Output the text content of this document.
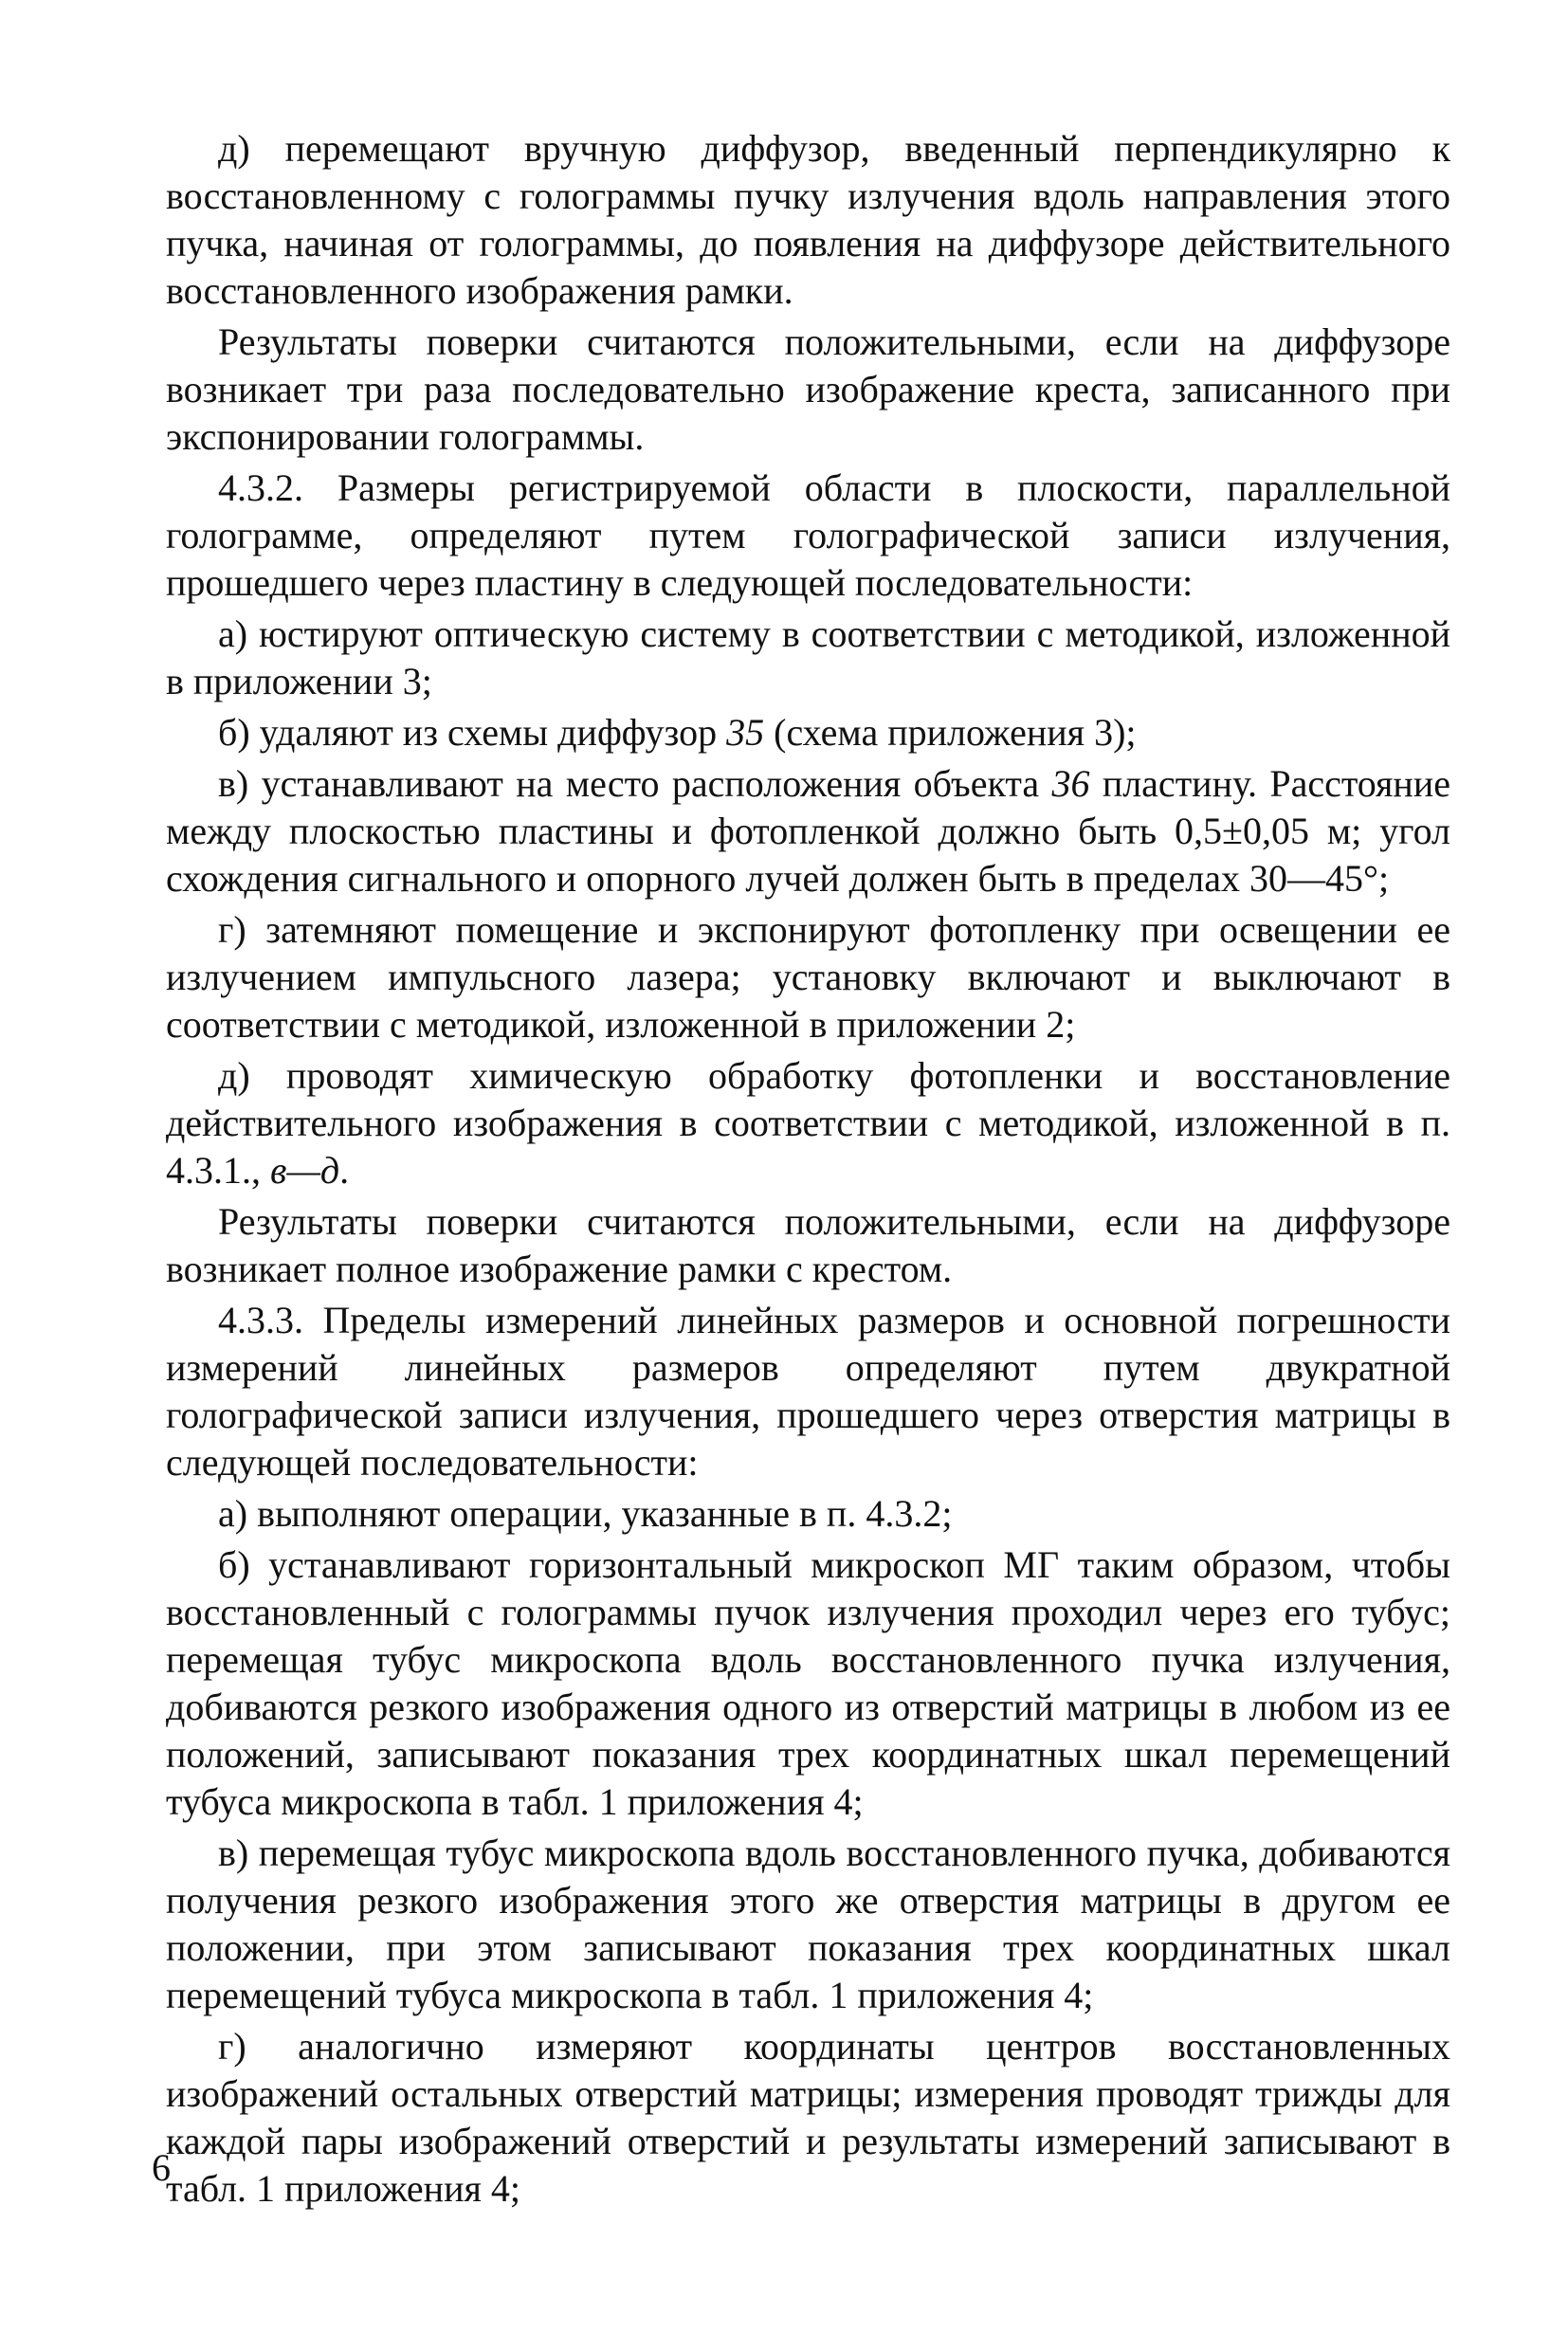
д) перемещают вручную диффузор, введенный перпендикулярно к восстановленному с голограммы пучку излучения вдоль направления этого пучка, начиная от голограммы, до появления на диффузоре действительного восстановленного изображения рамки.

Результаты поверки считаются положительными, если на диффузоре возникает три раза последовательно изображение креста, записанного при экспонировании голограммы.

4.3.2. Размеры регистрируемой области в плоскости, параллельной голограмме, определяют путем голографической записи излучения, прошедшего через пластину в следующей последовательности:

а) юстируют оптическую систему в соответствии с методикой, изложенной в приложении 3;

б) удаляют из схемы диффузор 35 (схема приложения 3);

в) устанавливают на место расположения объекта 36 пластину. Расстояние между плоскостью пластины и фотопленкой должно быть 0,5±0,05 м; угол схождения сигнального и опорного лучей должен быть в пределах 30—45°;

г) затемняют помещение и экспонируют фотопленку при освещении ее излучением импульсного лазера; установку включают и выключают в соответствии с методикой, изложенной в приложении 2;

д) проводят химическую обработку фотопленки и восстановление действительного изображения в соответствии с методикой, изложенной в п. 4.3.1., в—д.

Результаты поверки считаются положительными, если на диффузоре возникает полное изображение рамки с крестом.

4.3.3. Пределы измерений линейных размеров и основной погрешности измерений линейных размеров определяют путем двукратной голографической записи излучения, прошедшего через отверстия матрицы в следующей последовательности:

а) выполняют операции, указанные в п. 4.3.2;

б) устанавливают горизонтальный микроскоп МГ таким образом, чтобы восстановленный с голограммы пучок излучения проходил через его тубус; перемещая тубус микроскопа вдоль восстановленного пучка излучения, добиваются резкого изображения одного из отверстий матрицы в любом из ее положений, записывают показания трех координатных шкал перемещений тубуса микроскопа в табл. 1 приложения 4;

в) перемещая тубус микроскопа вдоль восстановленного пучка, добиваются получения резкого изображения этого же отверстия матрицы в другом ее положении, при этом записывают показания трех координатных шкал перемещений тубуса микроскопа в табл. 1 приложения 4;

г) аналогично измеряют координаты центров восстановленных изображений остальных отверстий матрицы; измерения проводят трижды для каждой пары изображений отверстий и результаты измерений записывают в табл. 1 приложения 4;

6
